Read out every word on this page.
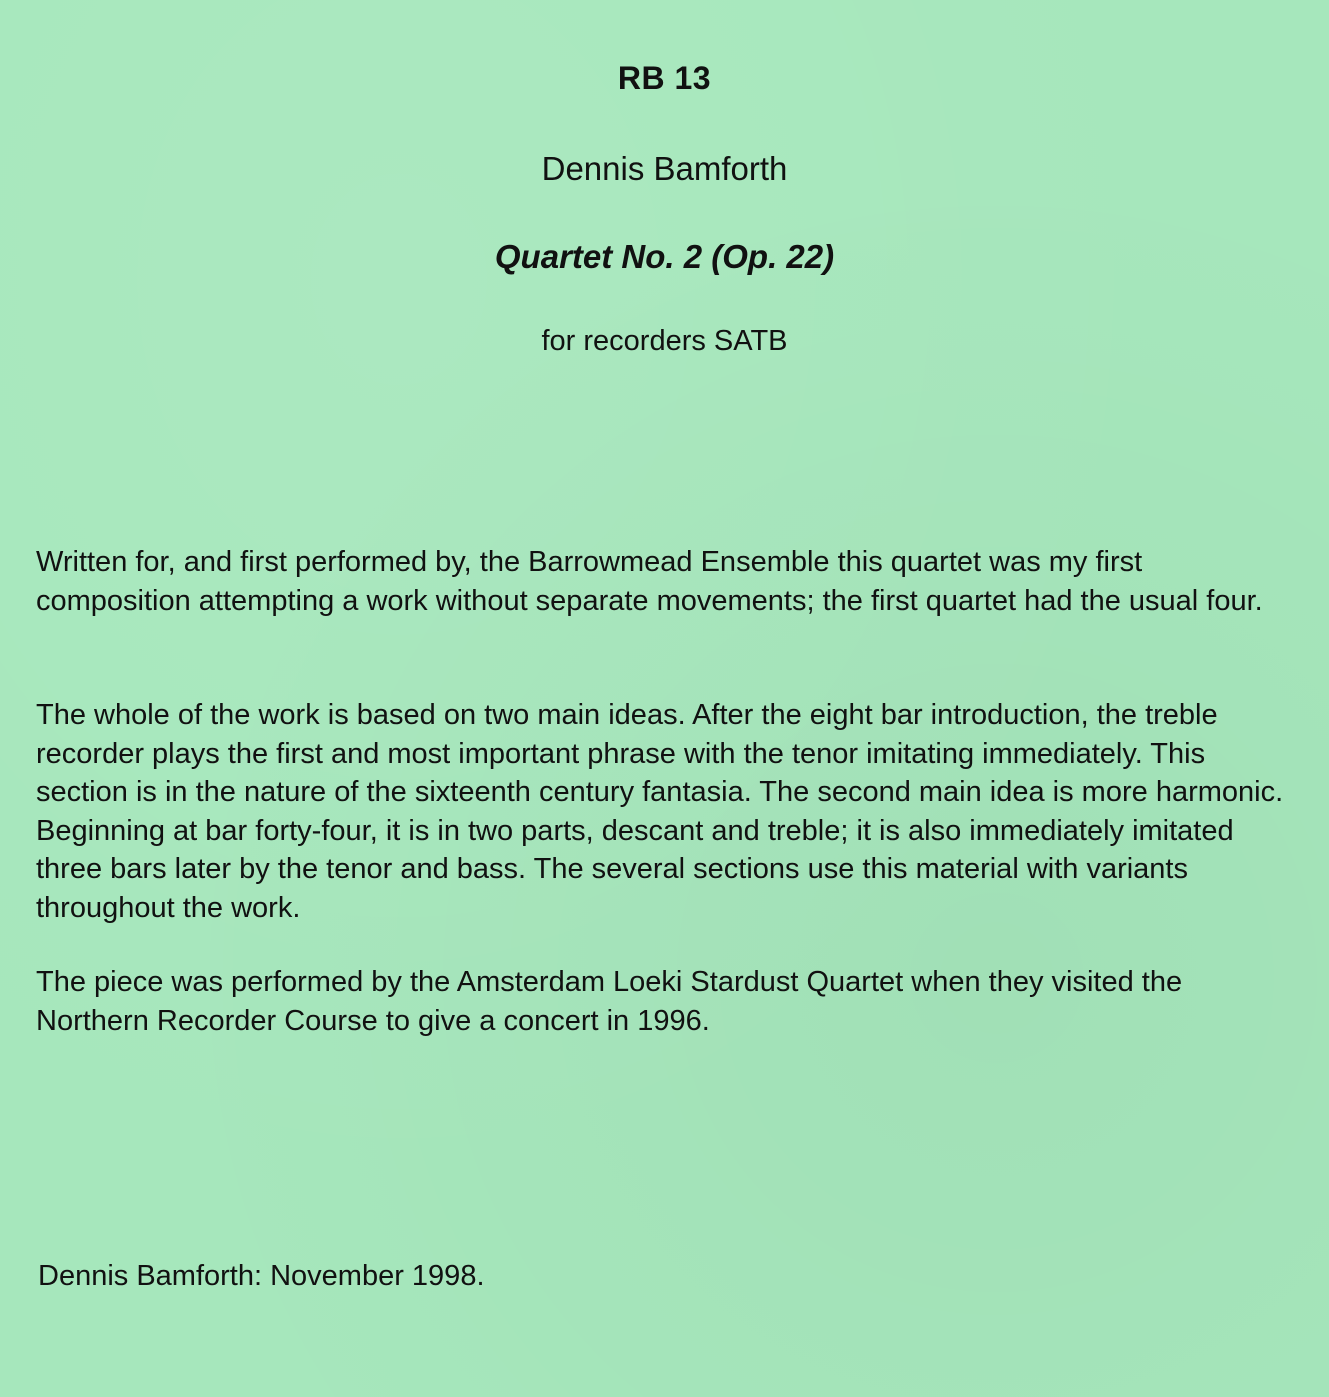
RB 13
Dennis Bamforth
Quartet No. 2 (Op. 22)

for recorders SATB

Written for, and first performed by, the Barrowmead Ensemble this quartet was my first composition attempting a work without separate movements; the first quartet had the usual four.

The whole of the work is based on two main ideas. After the eight bar introduction, the treble recorder plays the first and most important phrase with the tenor imitating immediately. This section is in the nature of the sixteenth century fantasia. The second main idea is more harmonic. Beginning at bar forty-four, it is in two parts, descant and treble; it is also immediately imitated three bars later by the tenor and bass. The several sections use this material with variants throughout the work.

The piece was performed by the Amsterdam Loeki Stardust Quartet when they visited the Northern Recorder Course to give a concert in 1996.

Dennis Bamforth: November 1998.
